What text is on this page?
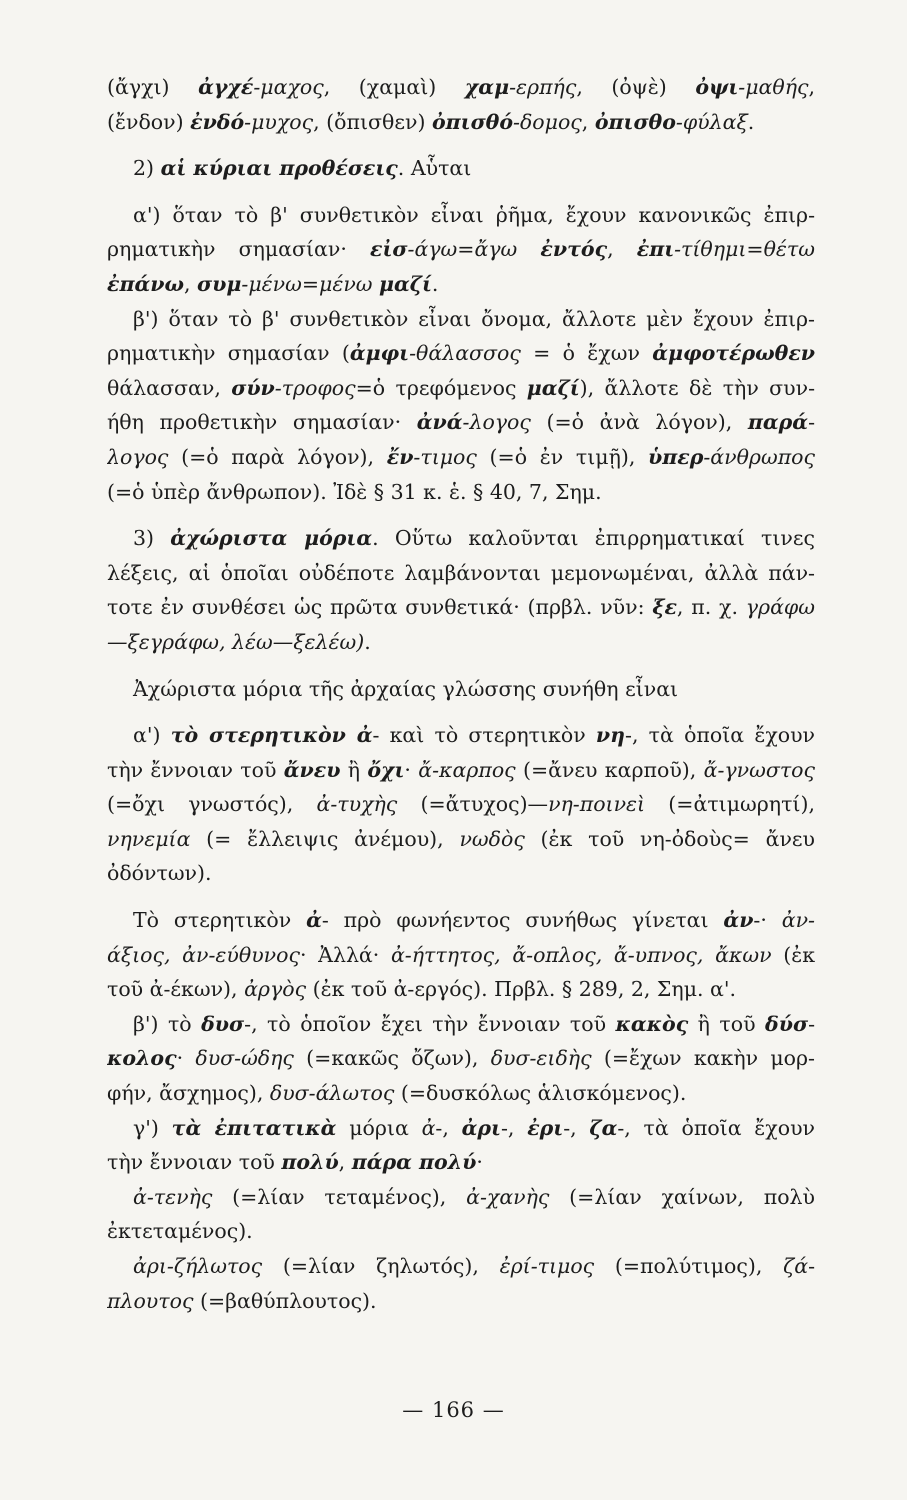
(ἄγχι) ἀγχέ-μαχος, (χαμαὶ) χαμ-ερπής, (ὀψὲ) ὀψι-μαθής,
(ἔνδον) ἐνδό-μυχος, (ὄπισθεν) ὀπισθό-δομος, ὀπισθο-φύλαξ.
2) αἱ κύριαι προθέσεις. Αὗται
α') ὅταν τὸ β' συνθετικὸν εἶναι ῥῆμα, ἔχουν κανονικῶς ἐπιρ-
ρηματικὴν σημασίαν· εἰσ-άγω=ἄγω ἐντός, ἐπι-τίθημι=θέτω
ἐπάνω, συμ-μένω=μένω μαζί.
β') ὅταν τὸ β' συνθετικὸν εἶναι ὄνομα, ἄλλοτε μὲν ἔχουν ἐπιρ-
ρηματικὴν σημασίαν (ἀμφι-θάλασσος = ὁ ἔχων ἀμφοτέρωθεν
θάλασσαν, σύν-τροφος=ὁ τρεφόμενος μαζί), ἄλλοτε δὲ τὴν συν-
ήθη προθετικὴν σημασίαν· ἀνά-λογος (=ὁ ἀνὰ λόγον), παρά-
λογος (=ὁ παρὰ λόγον), ἔν-τιμος (=ὁ ἐν τιμῇ), ὑπερ-άνθρωπος
(=ὁ ὑπὲρ ἄνθρωπον). Ἰδὲ § 31 κ. ἑ. § 40, 7, Σημ.
3) ἀχώριστα μόρια. Οὕτω καλοῦνται ἐπιρρηματικαί τινες
λέξεις, αἱ ὁποῖαι οὐδέποτε λαμβάνονται μεμονωμέναι, ἀλλὰ πάν-
τοτε ἐν συνθέσει ὡς πρῶτα συνθετικά· (πρβλ. νῦν: ξε, π. χ. γράφω
—ξεγράφω, λέω—ξελέω).
Ἀχώριστα μόρια τῆς ἀρχαίας γλώσσης συνήθη εἶναι
α') τὸ στερητικὸν ἀ- καὶ τὸ στερητικὸν νη-, τὰ ὁποῖα ἔχουν
τὴν ἔννοιαν τοῦ ἄνευ ἢ ὄχι· ἄ-καρπος (=ἄνευ καρποῦ), ἄ-γνωστος
(=ὄχι γνωστός), ἀ-τυχὴς (=ἄτυχος)—νη-ποινεὶ (=ἀτιμωρητί),
νηνεμία (= ἔλλειψις ἀνέμου), νωδὸς (ἐκ τοῦ νη-ὀδοὺς= ἄνευ
ὀδόντων).
Τὸ στερητικὸν ἀ- πρὸ φωνήεντος συνήθως γίνεται ἀν-· ἀν-
άξιος, ἀν-εύθυνος· Ἀλλά· ἀ-ήττητος, ἄ-οπλος, ἄ-υπνος, ἄκων (ἐκ
τοῦ ἀ-έκων), ἀργὸς (ἐκ τοῦ ἀ-εργός). Πρβλ. § 289, 2, Σημ. α'.
β') τὸ δυσ-, τὸ ὁποῖον ἔχει τὴν ἔννοιαν τοῦ κακὸς ἢ τοῦ δύσ-
κολος· δυσ-ώδης (=κακῶς ὄζων), δυσ-ειδὴς (=ἔχων κακὴν μορ-
φήν, ἄσχημος), δυσ-άλωτος (=δυσκόλως ἁλισκόμενος).
γ') τὰ ἐπιτατικὰ μόρια ἀ-, ἀρι-, ἐρι-, ζα-, τὰ ὁποῖα ἔχουν
τὴν ἔννοιαν τοῦ πολύ, πάρα πολύ·
ἀ-τενὴς (=λίαν τεταμένος), ἀ-χανὴς (=λίαν χαίνων, πολὺ
ἐκτεταμένος).
ἀρι-ζήλωτος (=λίαν ζηλωτός), ἐρί-τιμος (=πολύτιμος), ζά-
πλουτος (=βαθύπλουτος).
— 166 —
